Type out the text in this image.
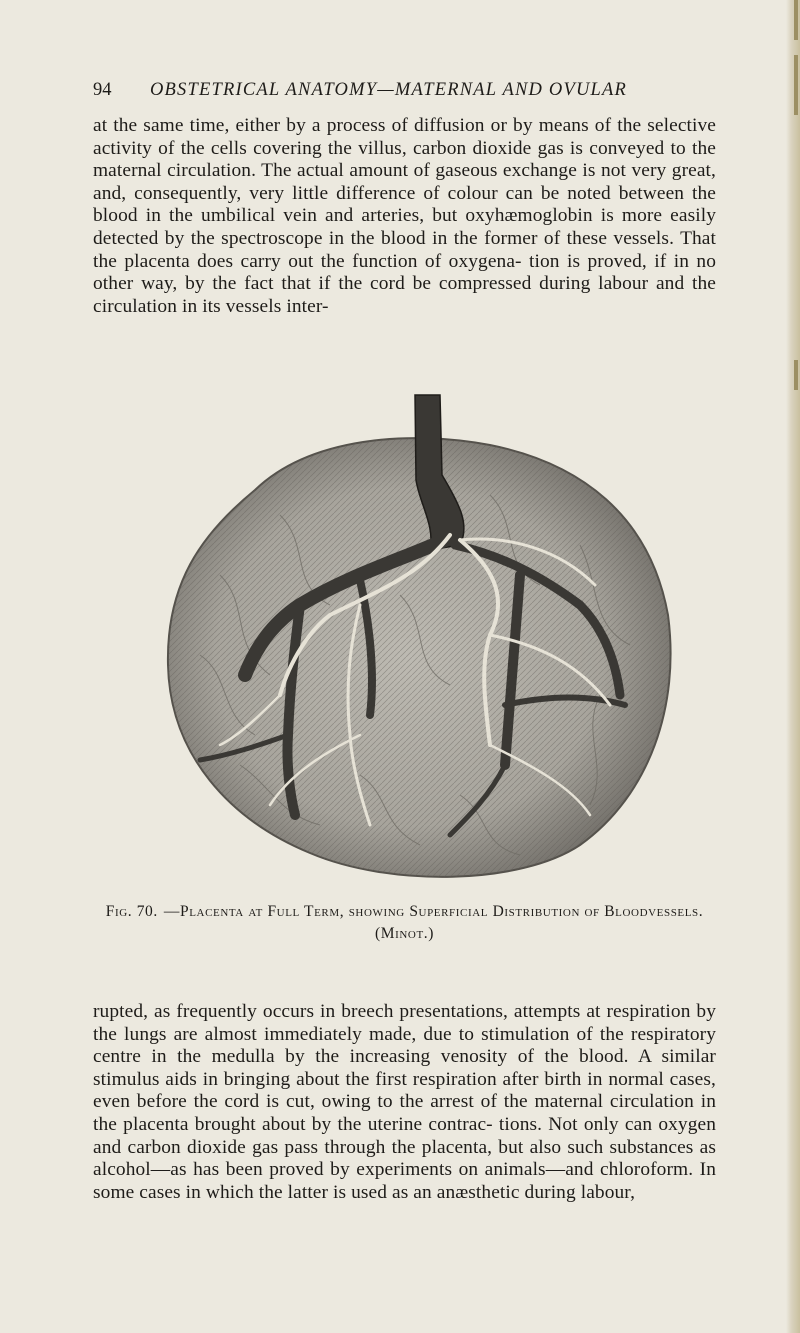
94 OBSTETRICAL ANATOMY—MATERNAL AND OVULAR

at the same time, either by a process of diffusion or by means of the selective activity of the cells covering the villus, carbon dioxide gas is conveyed to the maternal circulation. The actual amount of gaseous exchange is not very great, and, consequently, very little difference of colour can be noted between the blood in the umbilical vein and arteries, but oxyhæmoglobin is more easily detected by the spectroscope in the blood in the former of these vessels. That the placenta does carry out the function of oxygena- tion is proved, if in no other way, by the fact that if the cord be compressed during labour and the circulation in its vessels inter-

Fig. 70. —Placenta at Full Term, showing Superficial Distribution of Bloodvessels. (Minot.)

rupted, as frequently occurs in breech presentations, attempts at respiration by the lungs are almost immediately made, due to stimulation of the respiratory centre in the medulla by the increasing venosity of the blood. A similar stimulus aids in bringing about the first respiration after birth in normal cases, even before the cord is cut, owing to the arrest of the maternal circulation in the placenta brought about by the uterine contrac- tions. Not only can oxygen and carbon dioxide gas pass through the placenta, but also such substances as alcohol—as has been proved by experiments on animals—and chloroform. In some cases in which the latter is used as an anæsthetic during labour,
